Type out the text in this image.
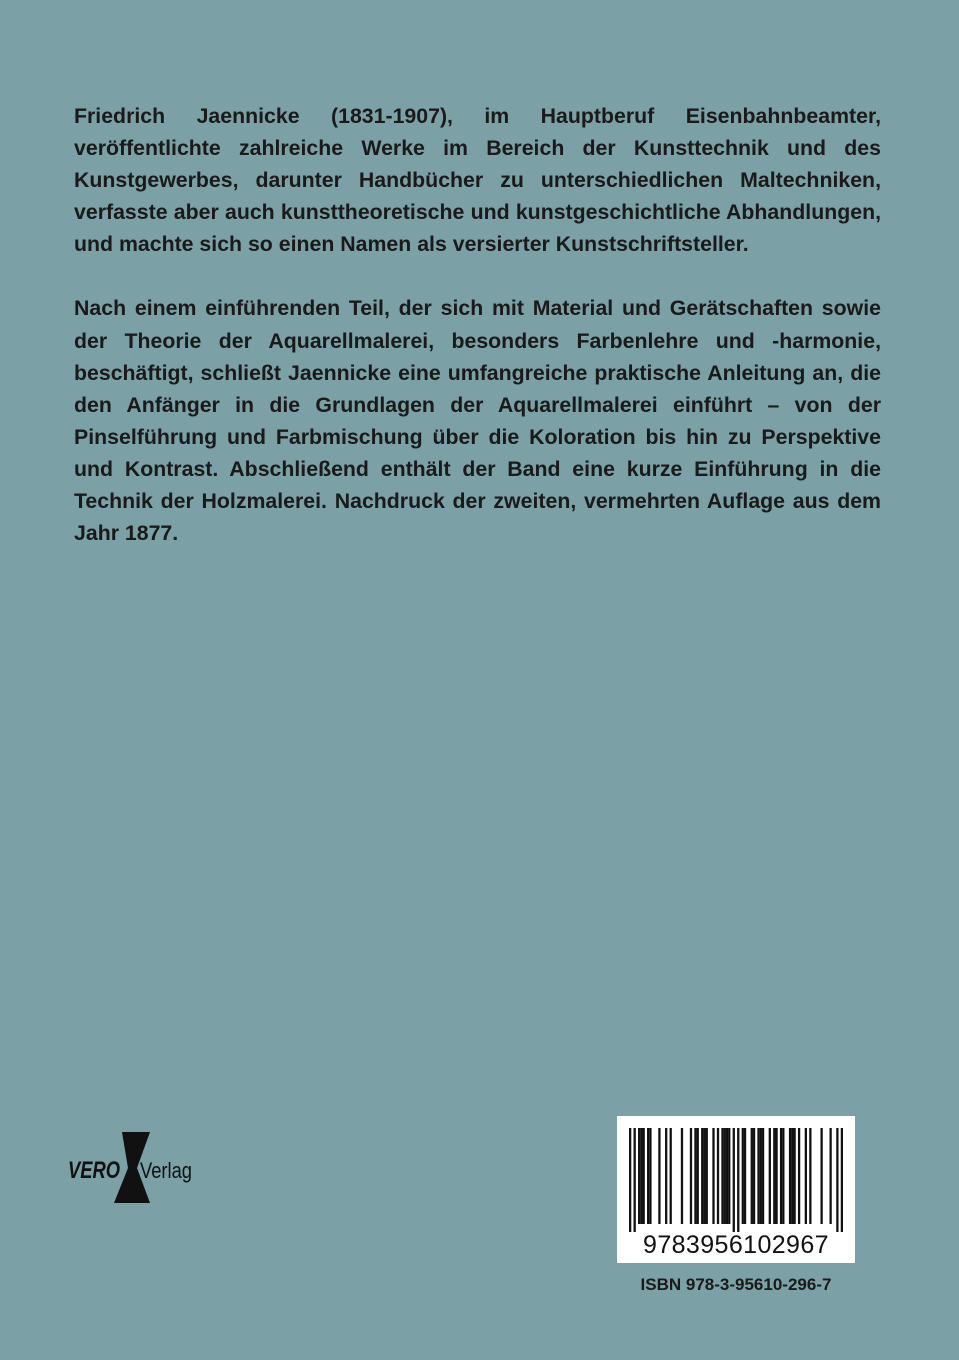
Friedrich Jaennicke (1831-1907), im Hauptberuf Eisenbahnbeamter, veröffentlichte zahlreiche Werke im Bereich der Kunsttechnik und des Kunstgewerbes, darunter Handbücher zu unterschiedlichen Maltechniken, verfasste aber auch kunsttheoretische und kunstgeschichtliche Abhandlungen, und machte sich so einen Namen als versierter Kunstschriftsteller.

Nach einem einführenden Teil, der sich mit Material und Gerätschaften sowie der Theorie der Aquarellmalerei, besonders Farbenlehre und -harmonie, beschäftigt, schließt Jaennicke eine umfangreiche praktische Anleitung an, die den Anfänger in die Grundlagen der Aquarellmalerei einführt – von der Pinselführung und Farbmischung über die Koloration bis hin zu Perspektive und Kontrast. Abschließend enthält der Band eine kurze Einführung in die Technik der Holzmalerei. Nachdruck der zweiten, vermehrten Auflage aus dem Jahr 1877.

VERO Verlag
9783956102967
ISBN 978-3-95610-296-7
